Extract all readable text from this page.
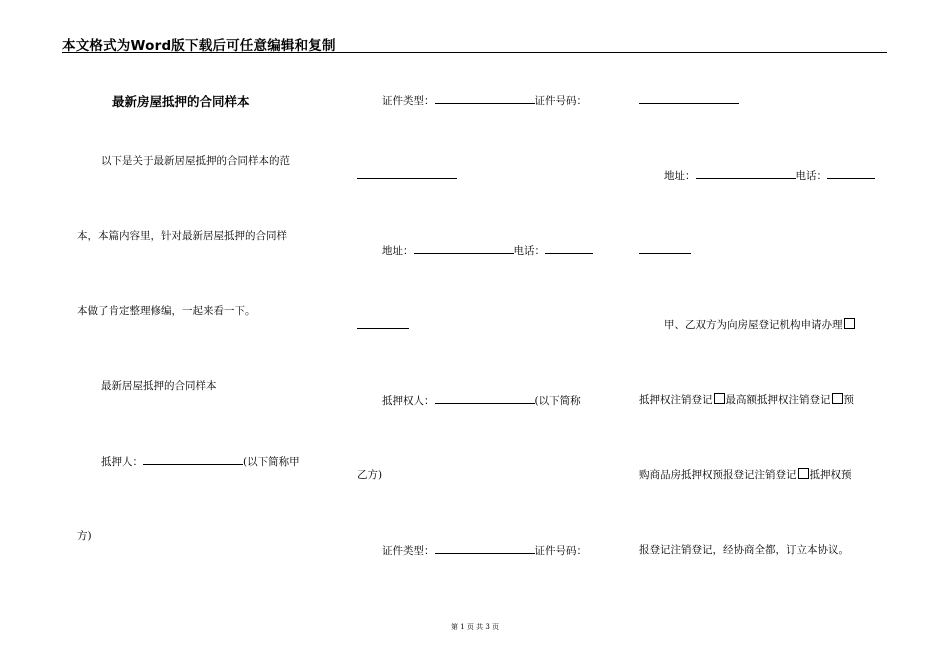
本文格式为Word版下载后可任意编辑和复制
最新房屋抵押的合同样本
以下是关于最新居屋抵押的合同样本的范
本，本篇内容里，针对最新居屋抵押的合同样
本做了肯定整理修编，一起来看一下。
最新居屋抵押的合同样本
抵押人：	(以下简称甲
方)
证件类型：	证件号码：
地址：	电话：
抵押权人：	(以下简称
乙方)
证件类型：	证件号码：
地址：	电话：
甲、乙双方为向房屋登记机构申请办理
抵押权注销登记 最高额抵押权注销登记 预
购商品房抵押权预报登记注销登记 抵押权预
报登记注销登记，经协商全都，订立本协议。
第 1 页 共 3 页
